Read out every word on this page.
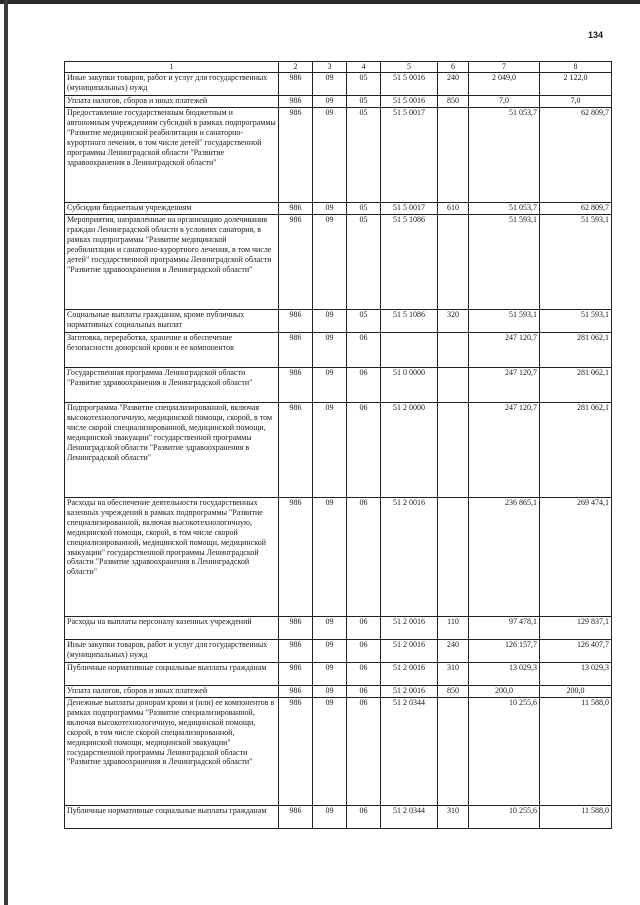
134
1	2	3	4	5	6	7	8
Иные закупки товаров, работ и услуг для государственных (муниципальных) нужд	986	09	05	51 5 0016	240	2 049,0	2 122,0
Уплата налогов, сборов и иных платежей	986	09	05	51 5 0016	850	7,0	7,0
Предоставление государственным бюджетным и автономным учреждениям субсидий в рамках подпрограммы "Развитие медицинской реабилитации и санаторно-курортного лечения, в том числе детей" государственной программы Ленинградской области "Развитие здравоохранения в Ленинградской области"	986	09	05	51 5 0017		51 053,7	62 809,7
Субсидии бюджетным учреждениям	986	09	05	51 5 0017	610	51 053,7	62 809,7
Мероприятия, направленные на организацию долечивания граждан Ленинградской области в условиях санатория, в рамках подпрограммы "Развитие медицинской реабилитации и санаторно-курортного лечения, в том числе детей" государственной программы Ленинградской области "Развитие здравоохранения в Ленинградской области"	986	09	05	51 5 1086		51 593,1	51 593,1
Социальные выплаты гражданам, кроме публичных нормативных социальных выплат	986	09	05	51 5 1086	320	51 593,1	51 593,1
Заготовка, переработка, хранение и обеспечение безопасности донорской крови и ее компонентов	986	09	06			247 120,7	281 062,1
Государственная программа Ленинградской области "Развитие здравоохранения в Ленинградской области"	986	09	06	51 0 0000		247 120,7	281 062,1
Подпрограмма "Развитие специализированной, включая высокотехнологичную, медицинской помощи, скорой, в том числе скорой специализированной, медицинской помощи, медицинской эвакуации" государственной программы Ленинградской области "Развитие здравоохранения в Ленинградской области"	986	09	06	51 2 0000		247 120,7	281 062,1
Расходы на обеспечение деятельности государственных казенных учреждений в рамках подпрограммы "Развитие специализированной, включая высокотехнологичную, медицинской помощи, скорой, в том числе скорой специализированной, медицинской помощи, медицинской эвакуации" государственной программы Ленинградской области "Развитие здравоохранения в Ленинградской области"	986	09	06	51 2 0016		236 865,1	269 474,1
Расходы на выплаты персоналу казенных учреждений	986	09	06	51 2 0016	110	97 478,1	129 837,1
Иные закупки товаров, работ и услуг для государственных (муниципальных) нужд	986	09	06	51 2 0016	240	126 157,7	126 407,7
Публичные нормативные социальные выплаты гражданам	986	09	06	51 2 0016	310	13 029,3	13 029,3
Уплата налогов, сборов и иных платежей	986	09	06	51 2 0016	850	200,0	200,0
Денежные выплаты донорам крови и (или) ее компонентов в рамках подпрограммы "Развитие специализированной, включая высокотехнологичную, медицинской помощи, скорой, в том числе скорой специализированной, медицинской помощи, медицинской эвакуации" государственной программы Ленинградской области "Развитие здравоохранения в Ленинградской области"	986	09	06	51 2 0344		10 255,6	11 588,0
Публичные нормативные социальные выплаты гражданам	986	09	06	51 2 0344	310	10 255,6	11 588,0
